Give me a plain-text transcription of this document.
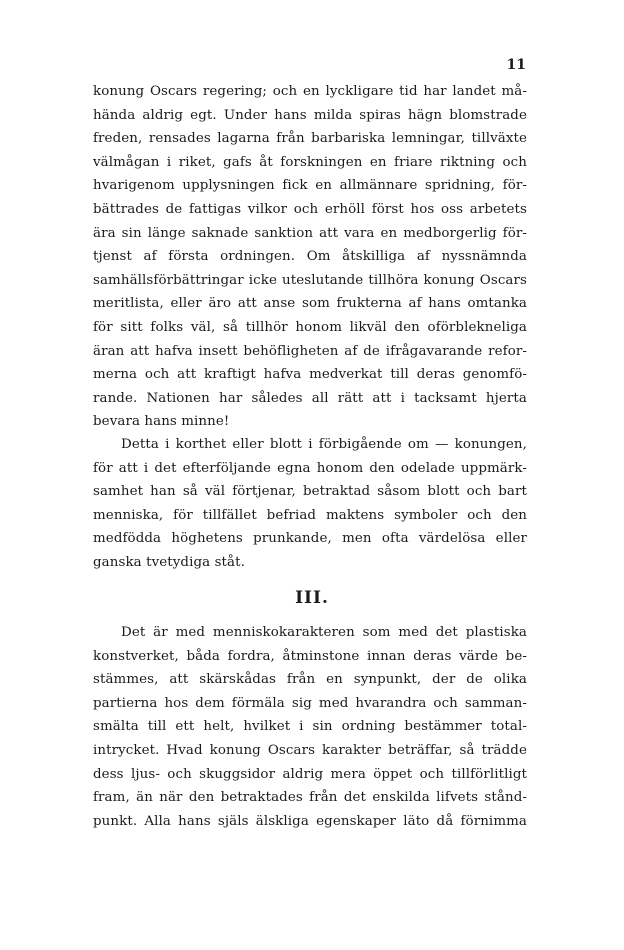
11
konung Oscars regering; och en lyckligare tid har landet må-
hända aldrig egt. Under hans milda spiras hägn blomstrade
freden, rensades lagarna från barbariska lemningar, tillväxte
välmågan i riket, gafs åt forskningen en friare riktning och
hvarigenom upplysningen fick en allmännare spridning, för-
bättrades de fattigas vilkor och erhöll först hos oss arbetets
ära sin länge saknade sanktion att vara en medborgerlig för-
tjenst af första ordningen. Om åtskilliga af nyssnämnda
samhällsförbättringar icke uteslutande tillhöra konung Oscars
meritlista, eller äro att anse som frukterna af hans omtanka
för sitt folks väl, så tillhör honom likväl den oförblekneliga
äran att hafva insett behöfligheten af de ifrågavarande refor-
merna och att kraftigt hafva medverkat till deras genomfö-
rande. Nationen har således all rätt att i tacksamt hjerta
bevara hans minne!
Detta i korthet eller blott i förbigående om — konungen,
för att i det efterföljande egna honom den odelade uppmärk-
samhet han så väl förtjenar, betraktad såsom blott och bart
menniska, för tillfället befriad maktens symboler och den
medfödda höghetens prunkande, men ofta värdelösa eller
ganska tvetydiga ståt.
III.
Det är med menniskokarakteren som med det plastiska
konstverket, båda fordra, åtminstone innan deras värde be-
stämmes, att skärskådas från en synpunkt, der de olika
partierna hos dem förmäla sig med hvarandra och samman-
smälta till ett helt, hvilket i sin ordning bestämmer total-
intrycket. Hvad konung Oscars karakter beträffar, så trädde
dess ljus- och skuggsidor aldrig mera öppet och tillförlitligt
fram, än när den betraktades från det enskilda lifvets stånd-
punkt. Alla hans själs älskliga egenskaper läto då förnimma
